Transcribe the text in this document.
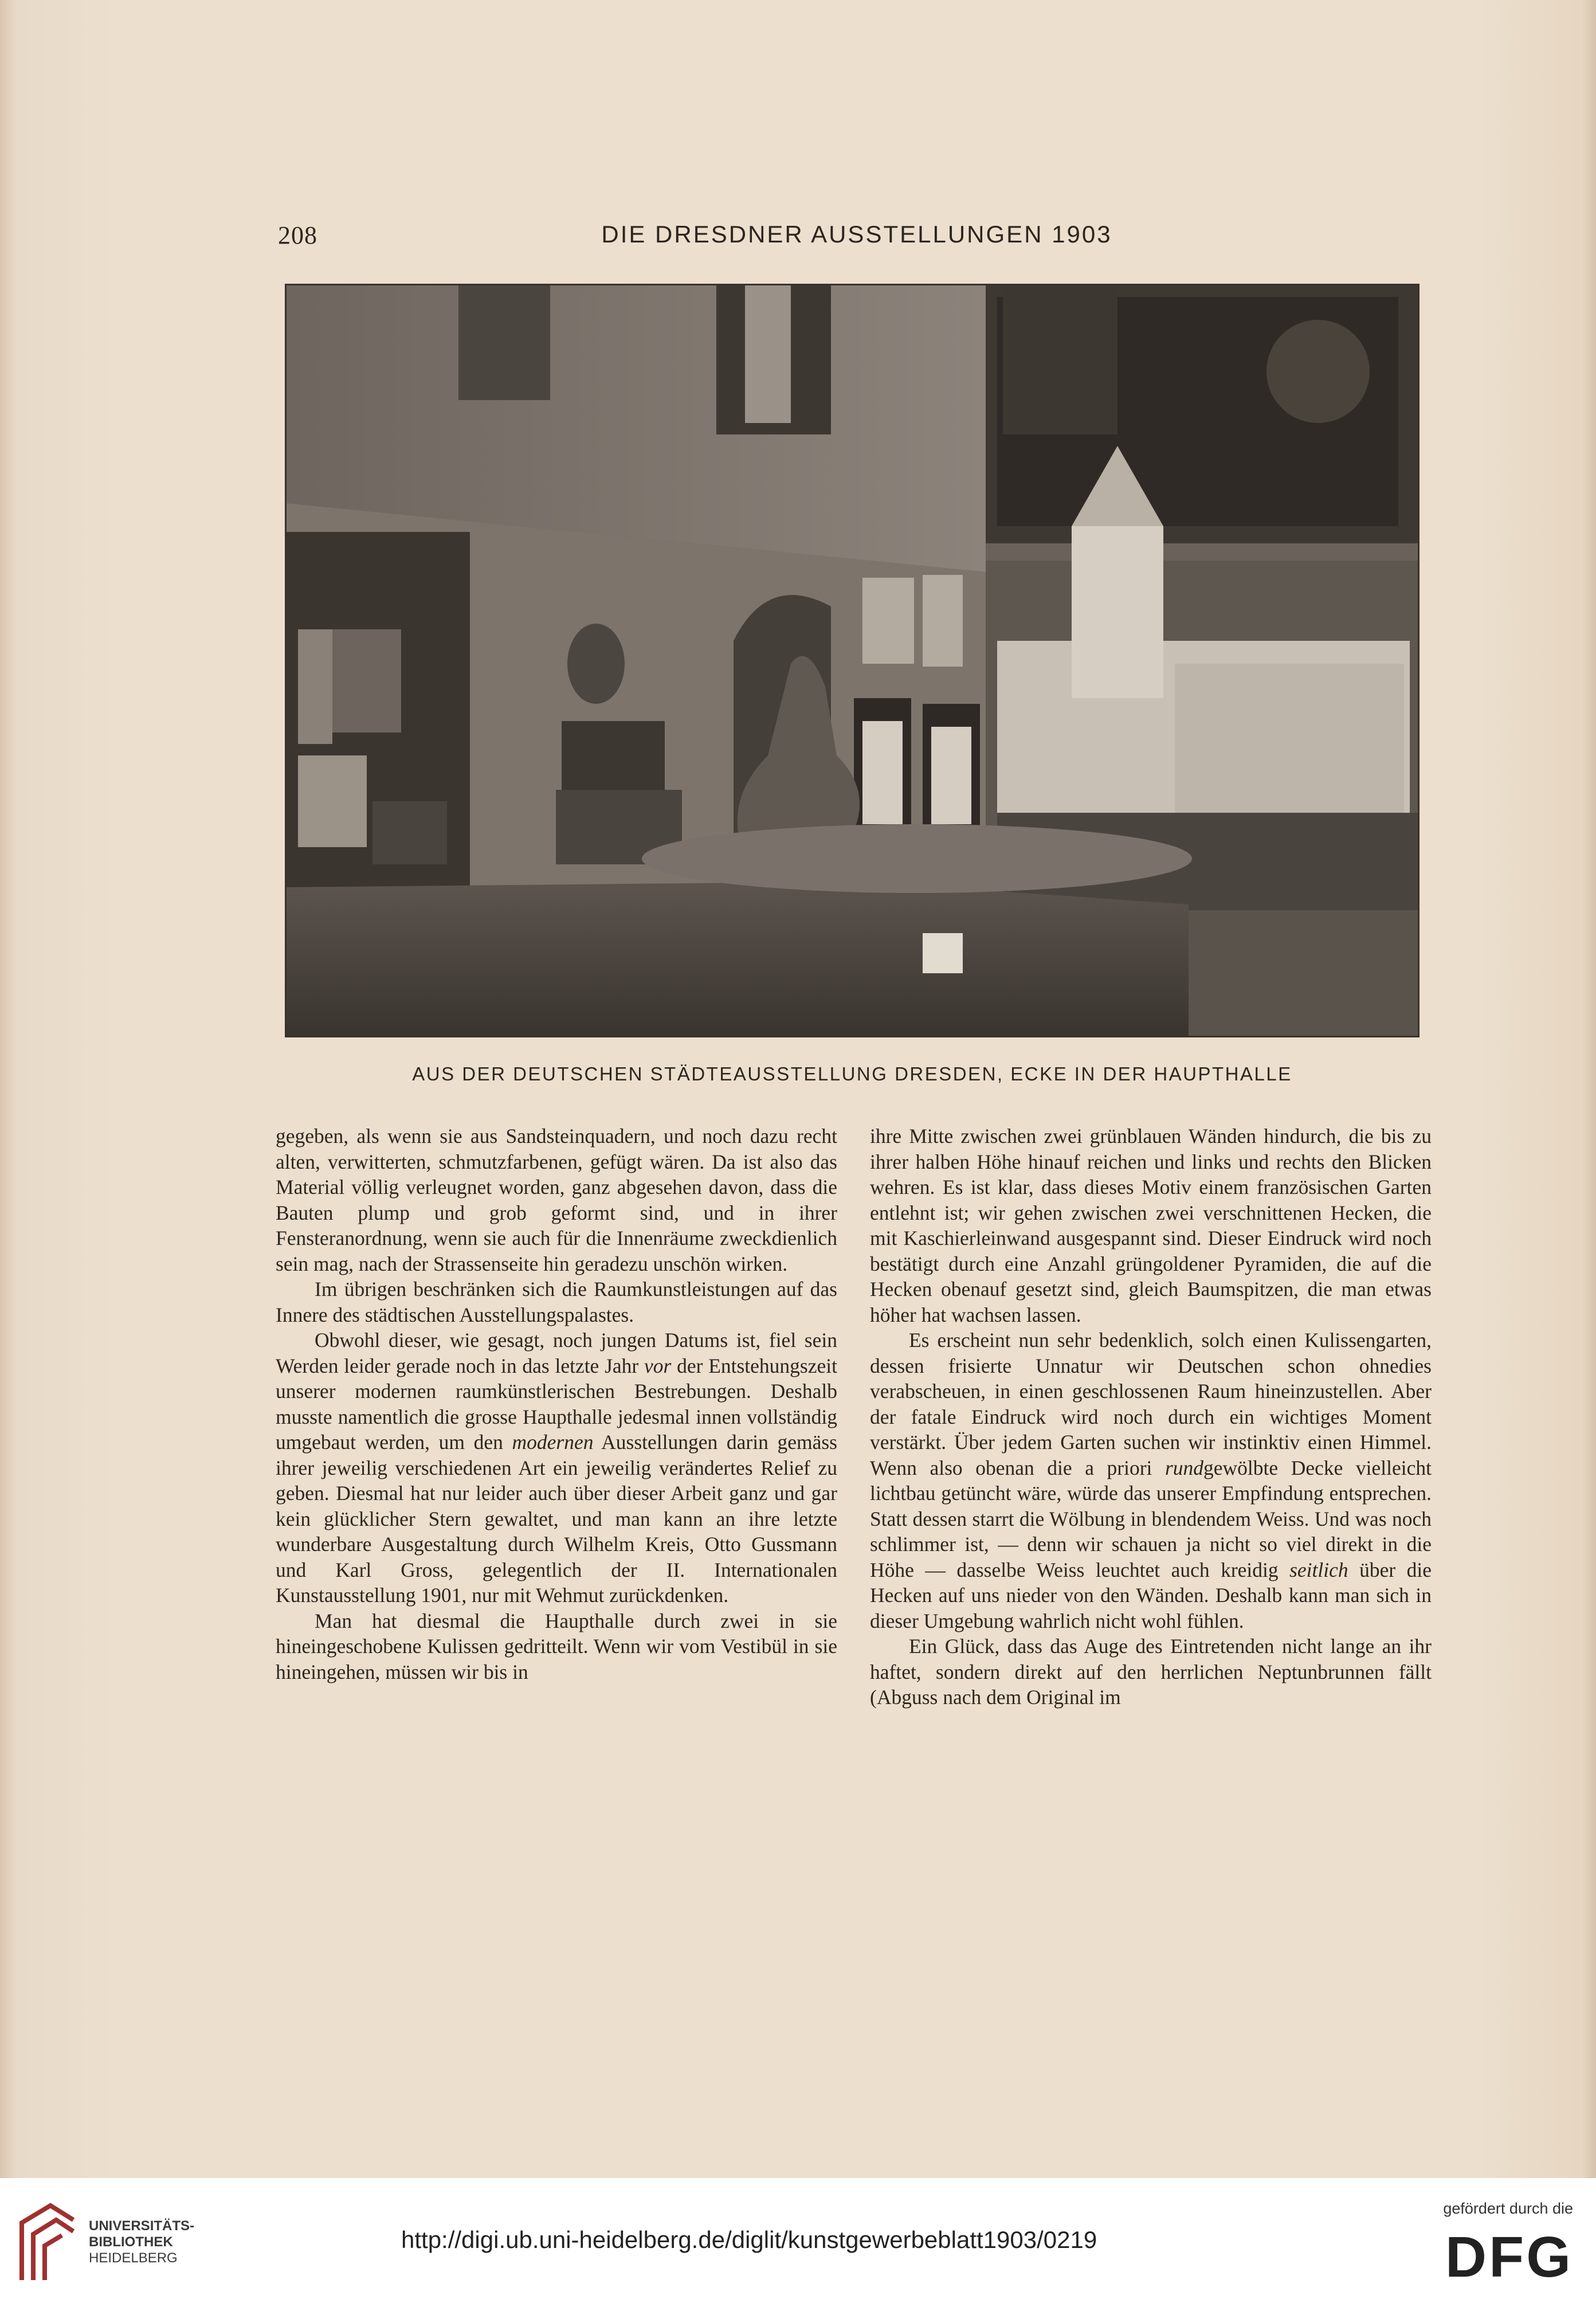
208	DIE DRESDNER AUSSTELLUNGEN 1903
AUS DER DEUTSCHEN STÄDTEAUSSTELLUNG DRESDEN, ECKE IN DER HAUPTHALLE

gegeben, als wenn sie aus Sandsteinquadern, und noch dazu recht alten, verwitterten, schmutzfarbenen, gefügt wären. Da ist also das Material völlig verleugnet worden, ganz abgesehen davon, dass die Bauten plump und grob geformt sind, und in ihrer Fensteranordnung, wenn sie auch für die Innenräume zweckdienlich sein mag, nach der Strassenseite hin geradezu unschön wirken.

Im übrigen beschränken sich die Raumkunstleistungen auf das Innere des städtischen Ausstellungspalastes.

Obwohl dieser, wie gesagt, noch jungen Datums ist, fiel sein Werden leider gerade noch in das letzte Jahr vor der Entstehungszeit unserer modernen raumkünstlerischen Bestrebungen. Deshalb musste namentlich die grosse Haupthalle jedesmal innen vollständig umgebaut werden, um den modernen Ausstellungen darin gemäss ihrer jeweilig verschiedenen Art ein jeweilig verändertes Relief zu geben. Diesmal hat nur leider auch über dieser Arbeit ganz und gar kein glücklicher Stern gewaltet, und man kann an ihre letzte wunderbare Ausgestaltung durch Wilhelm Kreis, Otto Gussmann und Karl Gross, gelegentlich der II. Internationalen Kunstausstellung 1901, nur mit Wehmut zurückdenken.

Man hat diesmal die Haupthalle durch zwei in sie hineingeschobene Kulissen gedritteilt. Wenn wir vom Vestibül in sie hineingehen, müssen wir bis in

ihre Mitte zwischen zwei grünblauen Wänden hindurch, die bis zu ihrer halben Höhe hinauf reichen und links und rechts den Blicken wehren. Es ist klar, dass dieses Motiv einem französischen Garten entlehnt ist; wir gehen zwischen zwei verschnittenen Hecken, die mit Kaschierleinwand ausgespannt sind. Dieser Eindruck wird noch bestätigt durch eine Anzahl grüngoldener Pyramiden, die auf die Hecken obenauf gesetzt sind, gleich Baumspitzen, die man etwas höher hat wachsen lassen.

Es erscheint nun sehr bedenklich, solch einen Kulissengarten, dessen frisierte Unnatur wir Deutschen schon ohnedies verabscheuen, in einen geschlossenen Raum hineinzustellen. Aber der fatale Eindruck wird noch durch ein wichtiges Moment verstärkt. Über jedem Garten suchen wir instinktiv einen Himmel. Wenn also obenan die a priori rundgewölbte Decke vielleicht lichtbau getüncht wäre, würde das unserer Empfindung entsprechen. Statt dessen starrt die Wölbung in blendendem Weiss. Und was noch schlimmer ist, — denn wir schauen ja nicht so viel direkt in die Höhe — dasselbe Weiss leuchtet auch kreidig seitlich über die Hecken auf uns nieder von den Wänden. Deshalb kann man sich in dieser Umgebung wahrlich nicht wohl fühlen.

Ein Glück, dass das Auge des Eintretenden nicht lange an ihr haftet, sondern direkt auf den herrlichen Neptunbrunnen fällt (Abguss nach dem Original im

UNIVERSITÄTS-
BIBLIOTHEK
HEIDELBERG
http://digi.ub.uni-heidelberg.de/diglit/kunstgewerbeblatt1903/0219
gefördert durch die
DFG
